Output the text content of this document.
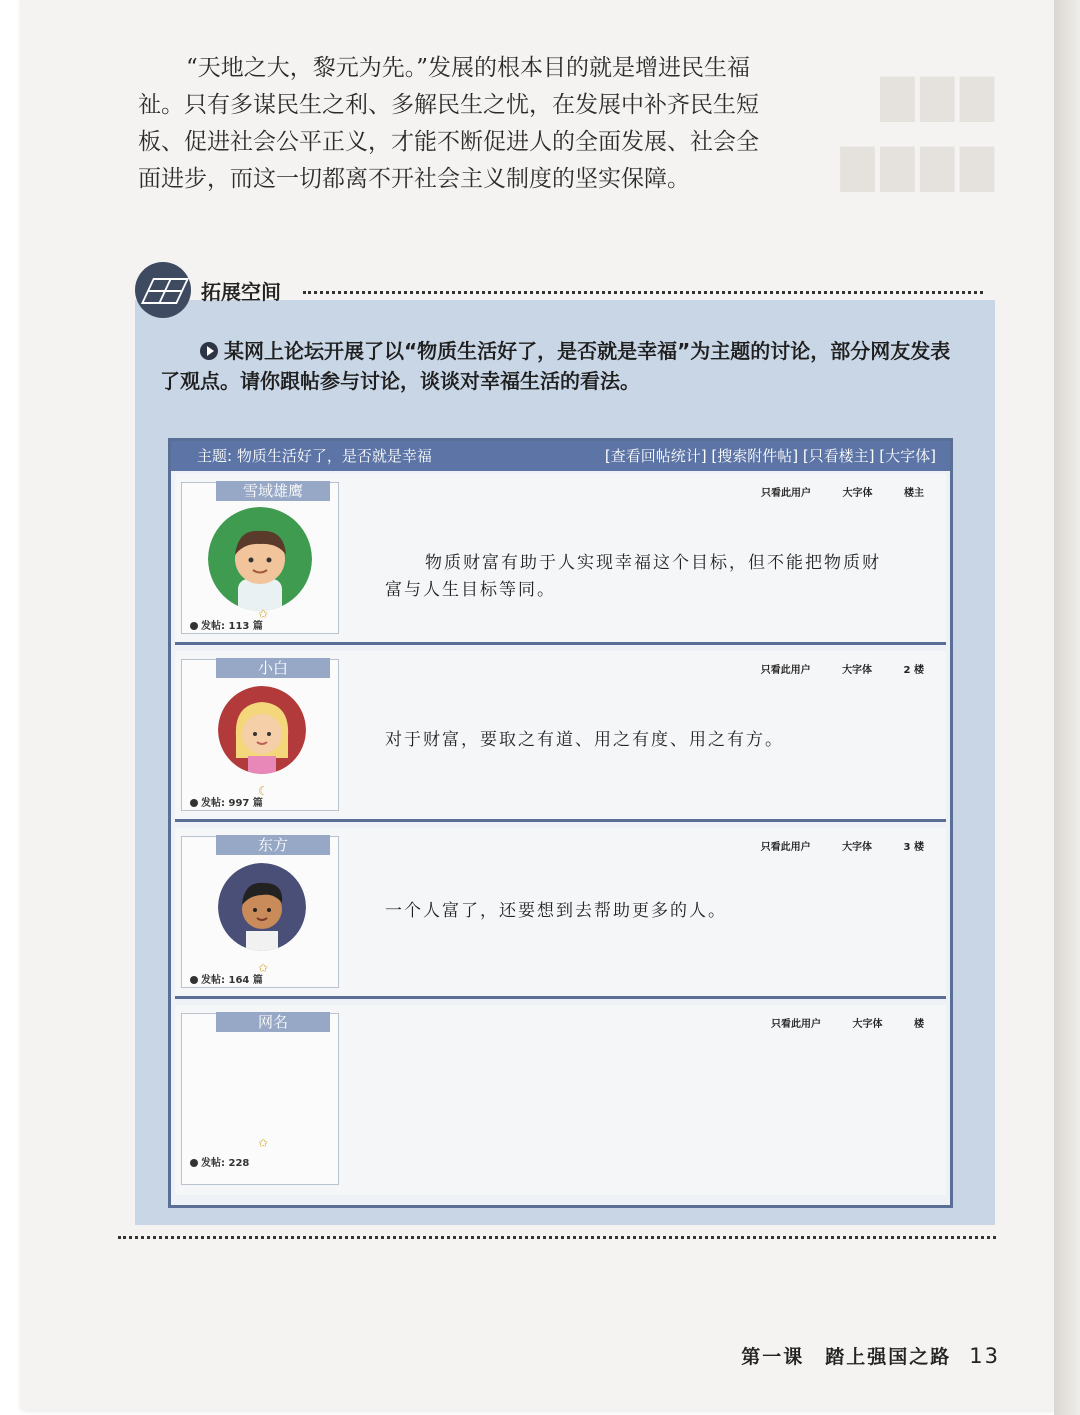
▇▇▇
▇▇▇▇

“天地之大，黎元为先。”发展的根本目的就是增进民生福祉。只有多谋民生之利、多解民生之忧，在发展中补齐民生短板、促进社会公平正义，才能不断促进人的全面发展、社会全面进步，而这一切都离不开社会主义制度的坚实保障。

拓展空间
某网上论坛开展了以“物质生活好了，是否就是幸福”为主题的讨论，部分网友发表了观点。请你跟帖参与讨论，谈谈对幸福生活的看法。
主题: 物质生活好了，是否就是幸福	[查看回帖统计] [搜索附件帖] [只看楼主] [大字体]
雪域雄鹰
✩
发帖: 113 篇
只看此用户	大字体	楼主
物质财富有助于人实现幸福这个目标，但不能把物质财富与人生目标等同。
小白
☾
发帖: 997 篇
只看此用户	大字体	2 楼
对于财富，要取之有道、用之有度、用之有方。
东方
✩
发帖: 164 篇
只看此用户	大字体	3 楼
一个人富了，还要想到去帮助更多的人。
网名
✩
发帖: 228
只看此用户	大字体	楼
第一课　踏上强国之路 13
